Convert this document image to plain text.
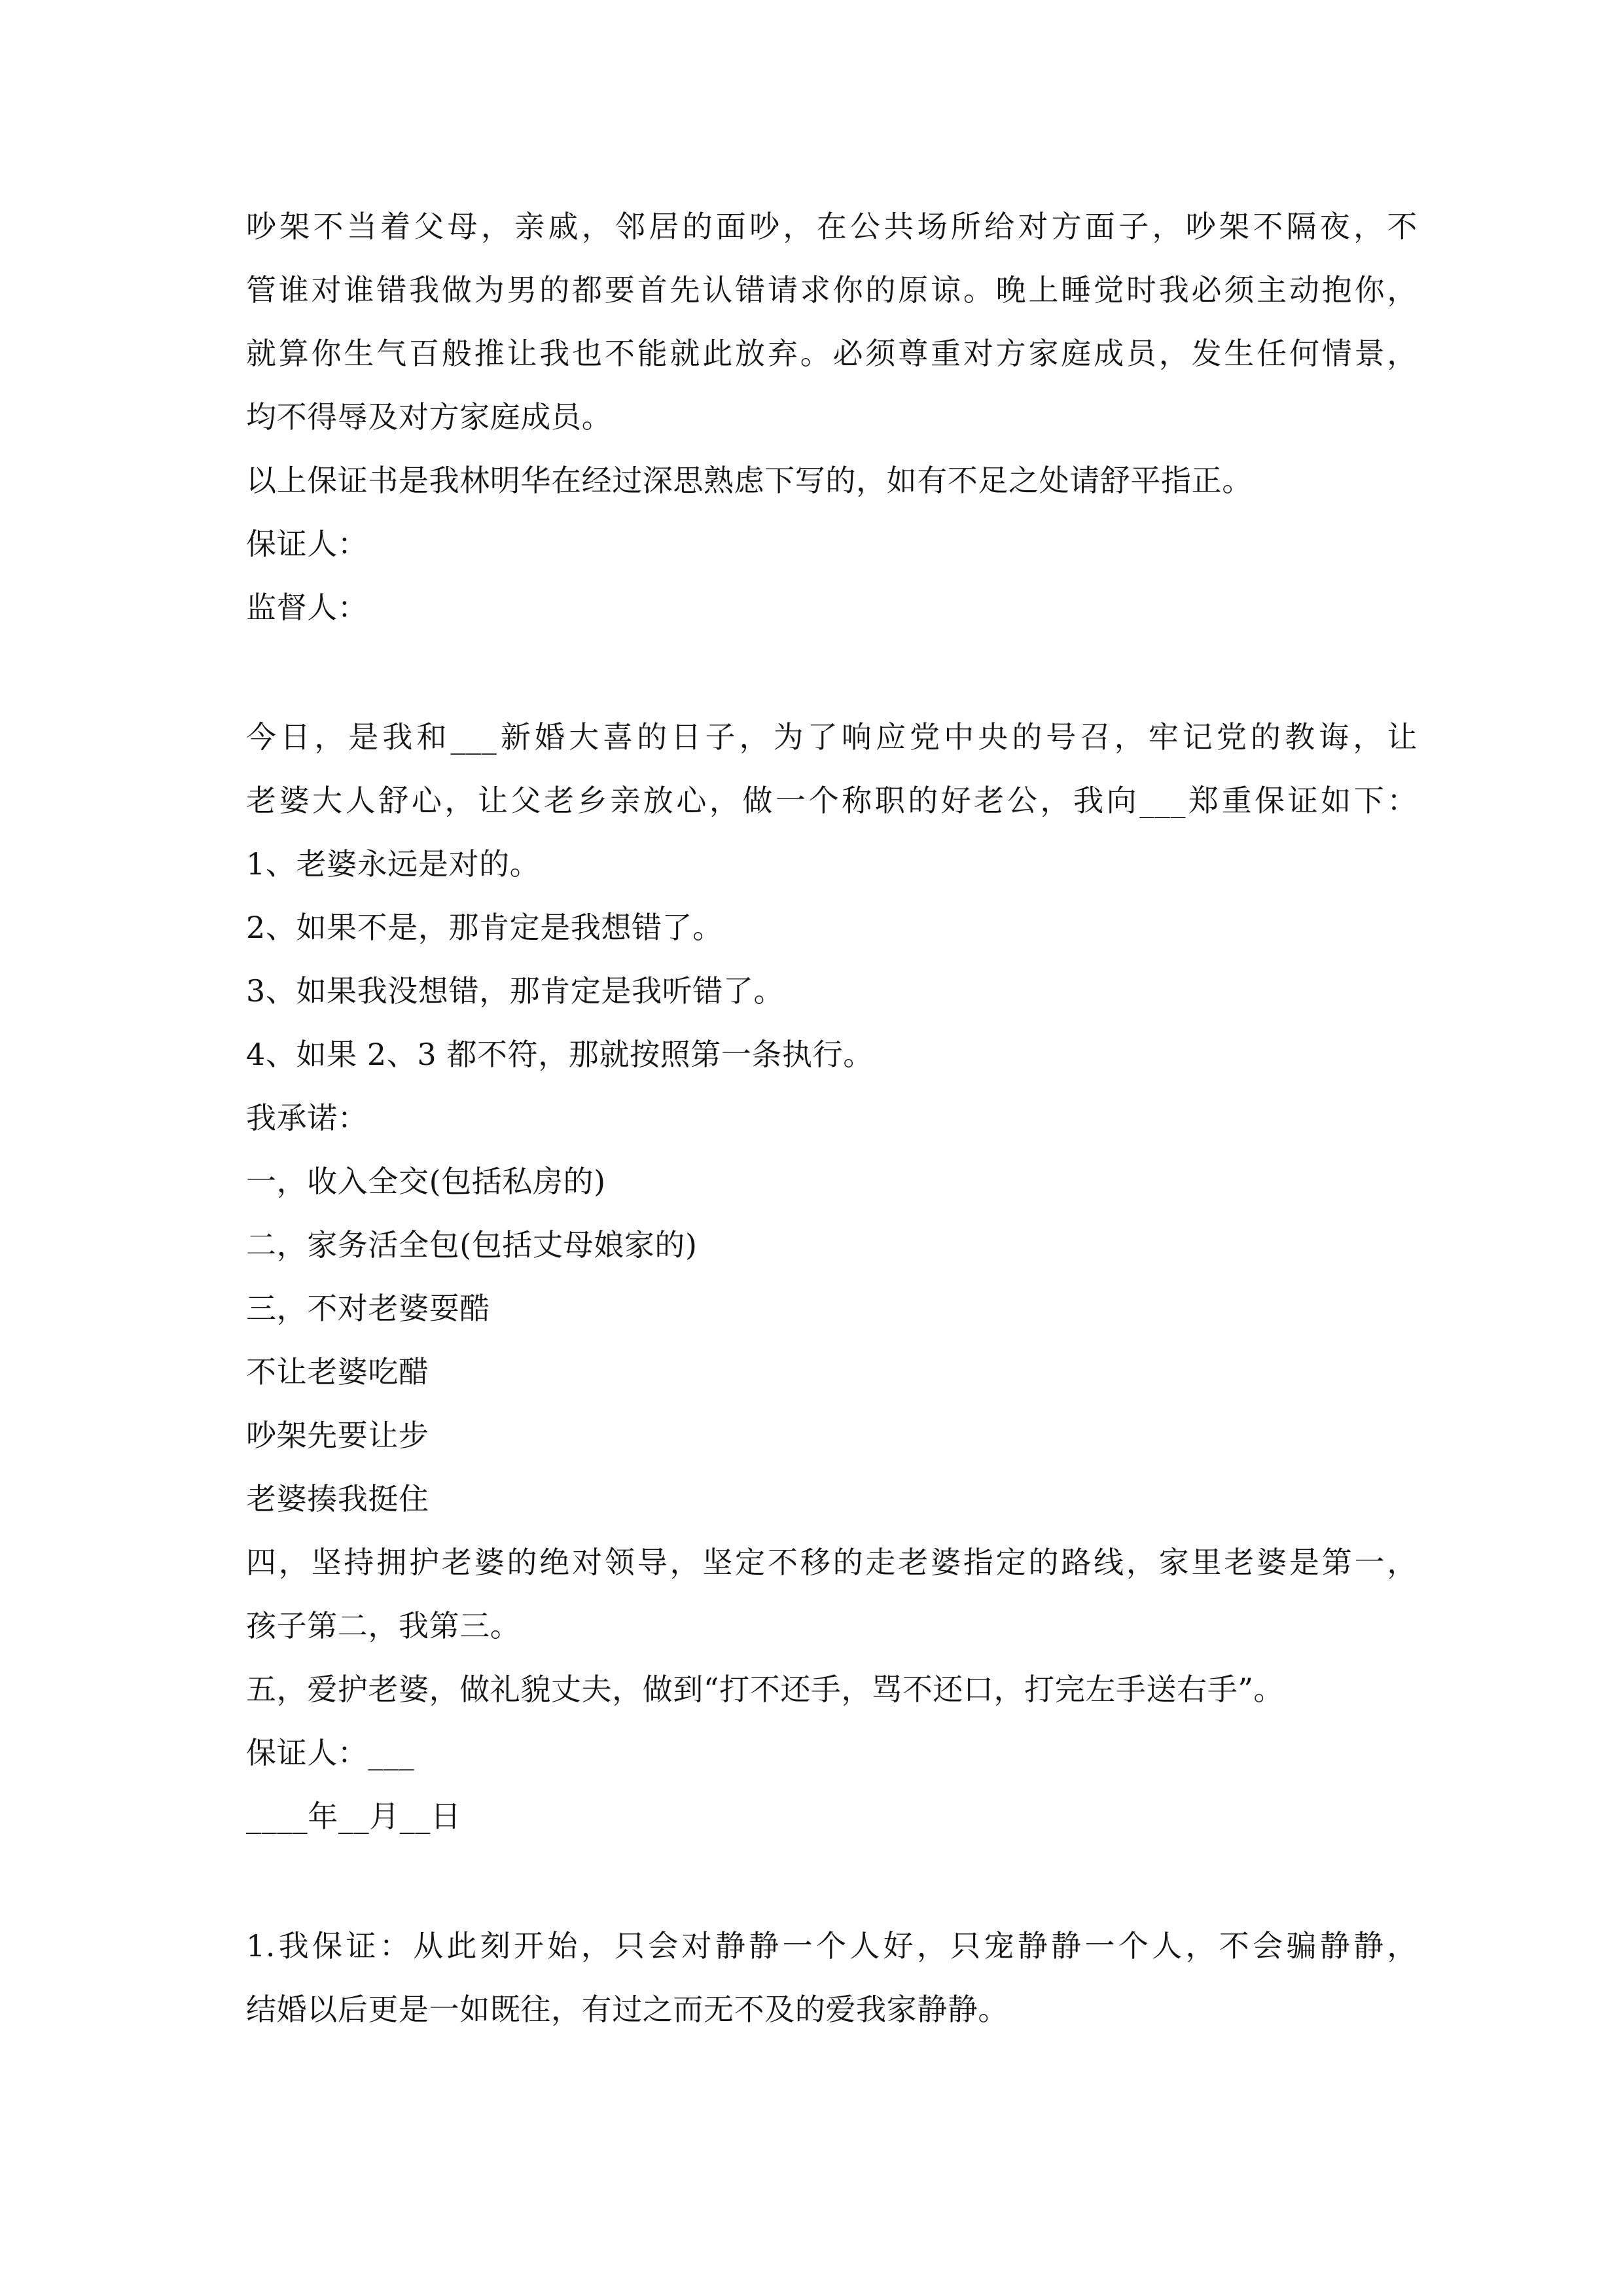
吵架不当着父母，亲戚，邻居的面吵，在公共场所给对方面子，吵架不隔夜，不
管谁对谁错我做为男的都要首先认错请求你的原谅。晚上睡觉时我必须主动抱你，
就算你生气百般推让我也不能就此放弃。必须尊重对方家庭成员，发生任何情景，
均不得辱及对方家庭成员。
以上保证书是我林明华在经过深思熟虑下写的，如有不足之处请舒平指正。
保证人：
监督人：
今日，是我和___新婚大喜的日子，为了响应党中央的号召，牢记党的教诲，让
老婆大人舒心，让父老乡亲放心，做一个称职的好老公，我向___郑重保证如下：
1、老婆永远是对的。
2、如果不是，那肯定是我想错了。
3、如果我没想错，那肯定是我听错了。
4、如果 2、3 都不符，那就按照第一条执行。
我承诺：
一，收入全交(包括私房的)
二，家务活全包(包括丈母娘家的)
三，不对老婆耍酷
不让老婆吃醋
吵架先要让步
老婆揍我挺住
四，坚持拥护老婆的绝对领导，坚定不移的走老婆指定的路线，家里老婆是第一，
孩子第二，我第三。
五，爱护老婆，做礼貌丈夫，做到“打不还手，骂不还口，打完左手送右手”。
保证人：___
____年__月__日
1.我保证：从此刻开始，只会对静静一个人好，只宠静静一个人，不会骗静静，
结婚以后更是一如既往，有过之而无不及的爱我家静静。
